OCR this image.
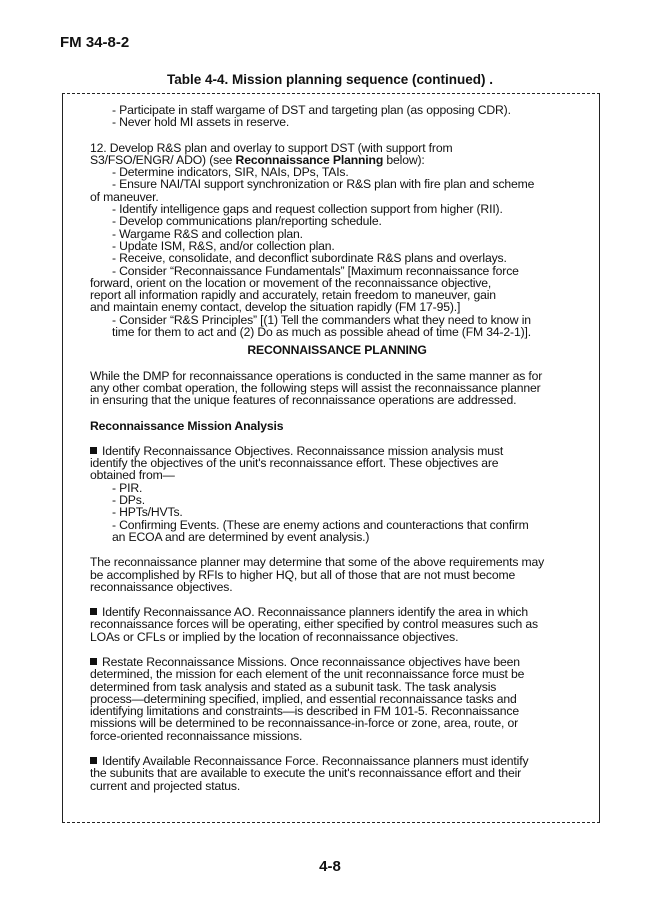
FM 34-8-2
Table 4-4. Mission planning sequence (continued) .
- Participate in staff wargame of DST and targeting plan (as opposing CDR).
- Never hold MI assets in reserve.
12. Develop R&S plan and overlay to support DST (with support from
S3/FSO/ENGR/ ADO) (see Reconnaissance Planning below):
- Determine indicators, SIR, NAIs, DPs, TAIs.
- Ensure NAI/TAI support synchronization or R&S plan with fire plan and scheme
of maneuver.
- Identify intelligence gaps and request collection support from higher (RII).
- Develop communications plan/reporting schedule.
- Wargame R&S and collection plan.
- Update ISM, R&S, and/or collection plan.
- Receive, consolidate, and deconflict subordinate R&S plans and overlays.
- Consider “Reconnaissance Fundamentals” [Maximum reconnaissance force
forward, orient on the location or movement of the reconnaissance objective,
report all information rapidly and accurately, retain freedom to maneuver, gain
and maintain enemy contact, develop the situation rapidly (FM 17-95).]
- Consider “R&S Principles” [(1) Tell the commanders what they need to know in
time for them to act and (2) Do as much as possible ahead of time (FM 34-2-1)].
RECONNAISSANCE PLANNING
While the DMP for reconnaissance operations is conducted in the same manner as for
any other combat operation, the following steps will assist the reconnaissance planner
in ensuring that the unique features of reconnaissance operations are addressed.
Reconnaissance Mission Analysis
Identify Reconnaissance Objectives. Reconnaissance mission analysis must
identify the objectives of the unit's reconnaissance effort. These objectives are
obtained from—
- PIR.
- DPs.
- HPTs/HVTs.
- Confirming Events. (These are enemy actions and counteractions that confirm
an ECOA and are determined by event analysis.)
The reconnaissance planner may determine that some of the above requirements may
be accomplished by RFIs to higher HQ, but all of those that are not must become
reconnaissance objectives.
Identify Reconnaissance AO. Reconnaissance planners identify the area in which
reconnaissance forces will be operating, either specified by control measures such as
LOAs or CFLs or implied by the location of reconnaissance objectives.
Restate Reconnaissance Missions. Once reconnaissance objectives have been
determined, the mission for each element of the unit reconnaissance force must be
determined from task analysis and stated as a subunit task. The task analysis
process—determining specified, implied, and essential reconnaissance tasks and
identifying limitations and constraints—is described in FM 101-5. Reconnaissance
missions will be determined to be reconnaissance-in-force or zone, area, route, or
force-oriented reconnaissance missions.
Identify Available Reconnaissance Force. Reconnaissance planners must identify
the subunits that are available to execute the unit's reconnaissance effort and their
current and projected status.
4-8
